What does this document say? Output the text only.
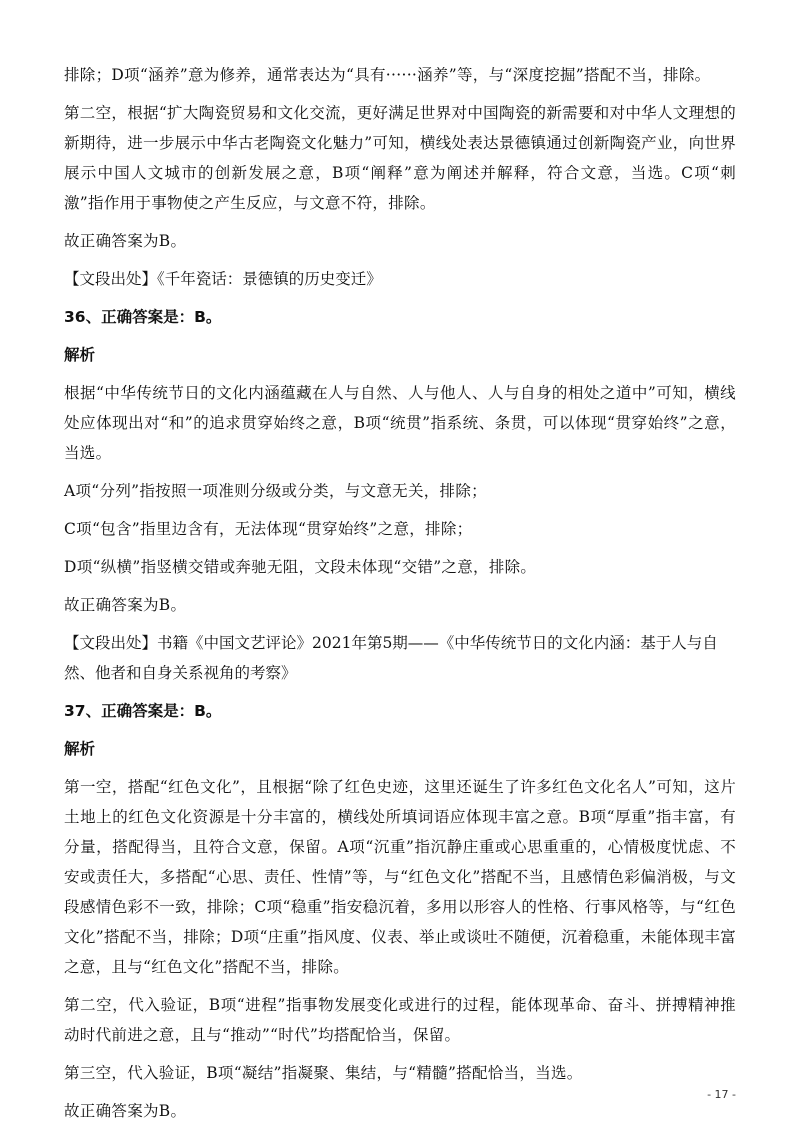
排除；D项“涵养”意为修养，通常表达为“具有······涵养”等，与“深度挖掘”搭配不当，排除。

第二空，根据“扩大陶瓷贸易和文化交流，更好满足世界对中国陶瓷的新需要和对中华人文理想的新期待，进一步展示中华古老陶瓷文化魅力”可知，横线处表达景德镇通过创新陶瓷产业，向世界展示中国人文城市的创新发展之意，B项“阐释”意为阐述并解释，符合文意，当选。C项“刺激”指作用于事物使之产生反应，与文意不符，排除。

故正确答案为B。

【文段出处】《千年瓷话：景德镇的历史变迁》

36、正确答案是：B。

解析

根据“中华传统节日的文化内涵蕴藏在人与自然、人与他人、人与自身的相处之道中”可知，横线处应体现出对“和”的追求贯穿始终之意，B项“统贯”指系统、条贯，可以体现“贯穿始终”之意，当选。

A项“分列”指按照一项准则分级或分类，与文意无关，排除；

C项“包含”指里边含有，无法体现“贯穿始终”之意，排除；

D项“纵横”指竖横交错或奔驰无阻，文段未体现“交错”之意，排除。

故正确答案为B。

【文段出处】书籍《中国文艺评论》2021年第5期——《中华传统节日的文化内涵：基于人与自然、他者和自身关系视角的考察》

37、正确答案是：B。

解析

第一空，搭配“红色文化”，且根据“除了红色史迹，这里还诞生了许多红色文化名人”可知，这片土地上的红色文化资源是十分丰富的，横线处所填词语应体现丰富之意。B项“厚重”指丰富，有分量，搭配得当，且符合文意，保留。A项“沉重”指沉静庄重或心思重重的，心情极度忧虑、不安或责任大，多搭配“心思、责任、性情”等，与“红色文化”搭配不当，且感情色彩偏消极，与文段感情色彩不一致，排除；C项“稳重”指安稳沉着，多用以形容人的性格、行事风格等，与“红色文化”搭配不当，排除；D项“庄重”指风度、仪表、举止或谈吐不随便，沉着稳重，未能体现丰富之意，且与“红色文化”搭配不当，排除。

第二空，代入验证，B项“进程”指事物发展变化或进行的过程，能体现革命、奋斗、拼搏精神推动时代前进之意，且与“推动”“时代”均搭配恰当，保留。

第三空，代入验证，B项“凝结”指凝聚、集结，与“精髓”搭配恰当，当选。

故正确答案为B。

- 17 -
